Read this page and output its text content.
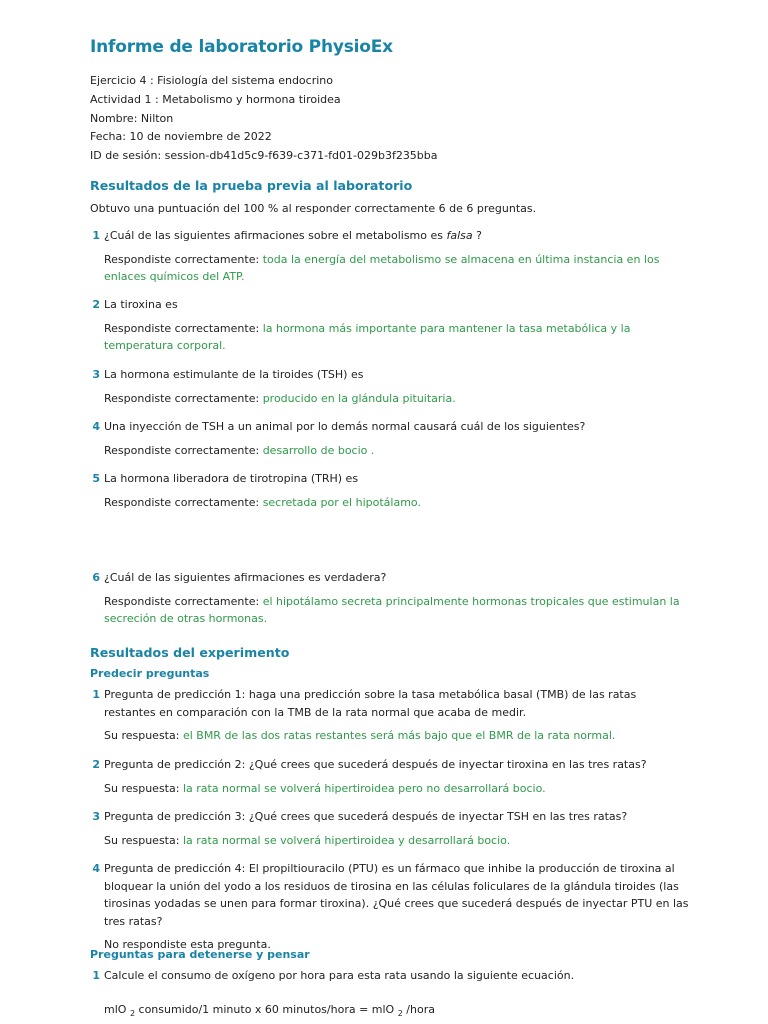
Informe de laboratorio PhysioEx
Ejercicio 4 : Fisiología del sistema endocrino
Actividad 1 : Metabolismo y hormona tiroidea
Nombre: Nilton
Fecha: 10 de noviembre de 2022
ID de sesión: session-db41d5c9-f639-c371-fd01-029b3f235bba
Resultados de la prueba previa al laboratorio
Obtuvo una puntuación del 100 % al responder correctamente 6 de 6 preguntas.
1 ¿Cuál de las siguientes afirmaciones sobre el metabolismo es falsa ?
Respondiste correctamente: toda la energía del metabolismo se almacena en última instancia en los enlaces químicos del ATP.
2 La tiroxina es
Respondiste correctamente: la hormona más importante para mantener la tasa metabólica y la temperatura corporal.
3 La hormona estimulante de la tiroides (TSH) es
Respondiste correctamente: producido en la glándula pituitaria.
4 Una inyección de TSH a un animal por lo demás normal causará cuál de los siguientes?
Respondiste correctamente: desarrollo de bocio .
5 La hormona liberadora de tirotropina (TRH) es
Respondiste correctamente: secretada por el hipotálamo.
6 ¿Cuál de las siguientes afirmaciones es verdadera?
Respondiste correctamente: el hipotálamo secreta principalmente hormonas tropicales que estimulan la secreción de otras hormonas.
Resultados del experimento
Predecir preguntas
1 Pregunta de predicción 1: haga una predicción sobre la tasa metabólica basal (TMB) de las ratas restantes en comparación con la TMB de la rata normal que acaba de medir.
Su respuesta: el BMR de las dos ratas restantes será más bajo que el BMR de la rata normal.
2 Pregunta de predicción 2: ¿Qué crees que sucederá después de inyectar tiroxina en las tres ratas?
Su respuesta: la rata normal se volverá hipertiroidea pero no desarrollará bocio.
3 Pregunta de predicción 3: ¿Qué crees que sucederá después de inyectar TSH en las tres ratas?
Su respuesta: la rata normal se volverá hipertiroidea y desarrollará bocio.
4 Pregunta de predicción 4: El propiltiouracilo (PTU) es un fármaco que inhibe la producción de tiroxina al bloquear la unión del yodo a los residuos de tirosina en las células foliculares de la glándula tiroides (las tirosinas yodadas se unen para formar tiroxina). ¿Qué crees que sucederá después de inyectar PTU en las tres ratas?
No respondiste esta pregunta.
Preguntas para detenerse y pensar
1 Calcule el consumo de oxígeno por hora para esta rata usando la siguiente ecuación.
mlO $_2$ consumido/1 minuto x 60 minutos/hora = mlO $_2$ /hora
